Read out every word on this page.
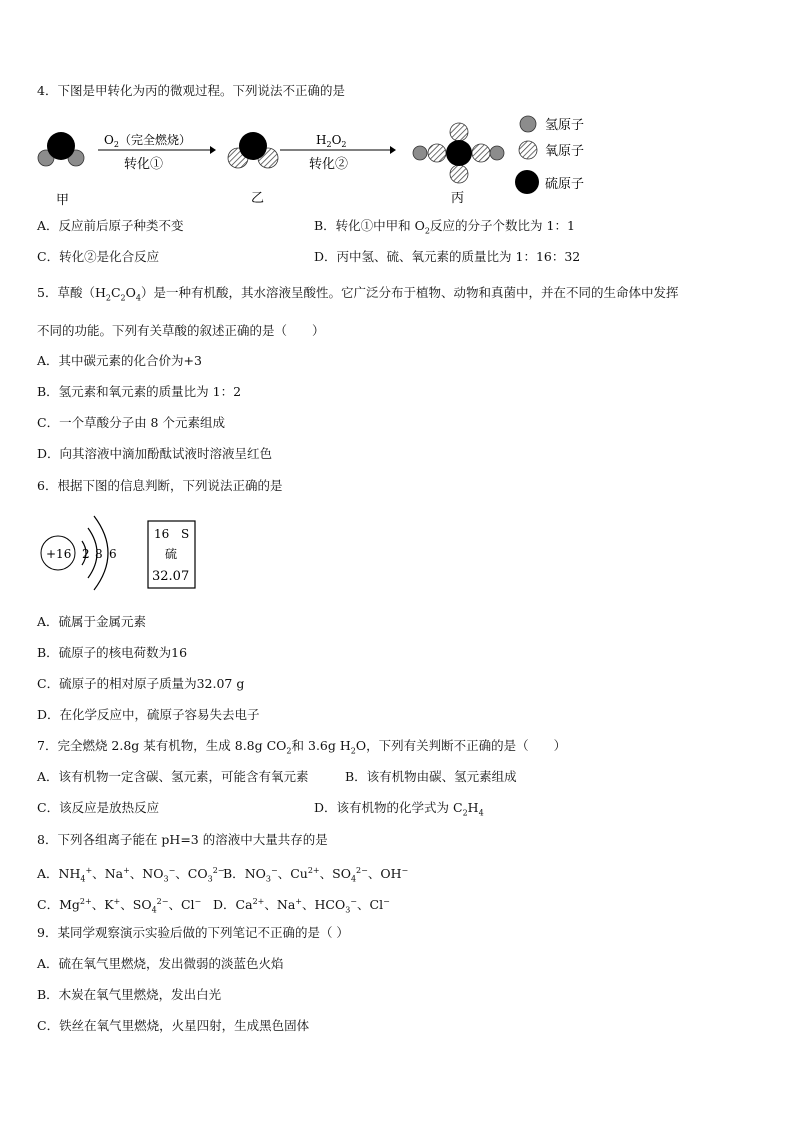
4．下图是甲转化为丙的微观过程。下列说法不正确的是
$O_2$（完全燃烧）
转化①
$H_2O_2$
转化②
甲	乙	丙
氢原子
氧原子
硫原子
A．反应前后原子种类不变	B．转化①中甲和 $O_2$反应的分子个数比为 1：1
C．转化②是化合反应	D．丙中氢、硫、氧元素的质量比为 1：16：32
5．草酸$(H_2C_2O_4)$是一种有机酸，其水溶液呈酸性。它广泛分布于植物、动物和真菌中，并在不同的生命体中发挥
不同的功能。下列有关草酸的叙述正确的是（　　）
A．其中碳元素的化合价为+3
B．氢元素和氧元素的质量比为 1：2
C．一个草酸分子由 8 个元素组成
D．向其溶液中滴加酚酞试液时溶液呈红色
6．根据下图的信息判断，下列说法正确的是
+16 2 8 6
16 S
硫
32.07
A．硫属于金属元素
B．硫原子的核电荷数为16
C．硫原子的相对原子质量为32.07 g
D．在化学反应中，硫原子容易失去电子
7．完全燃烧 2.8g 某有机物，生成 8.8g $CO_2$和 3.6g $H_2O$，下列有关判断不正确的是（　　）
A．该有机物一定含碳、氢元素，可能含有氧元素	B．该有机物由碳、氢元素组成
C．该反应是放热反应	D．该有机物的化学式为 $C_2H_4$
8．下列各组离子能在 pH=3 的溶液中大量共存的是
A．$NH_4^+$、Na+、$NO_3^-$、$CO_3^{2-}$
B．$NO_3^-$、$Cu^{2+}$、$SO_4^{2-}$、OH−
C．$Mg^{2+}$、K+、$SO_4^{2-}$、Cl− D．$Ca^{2+}$、Na+、$HCO_3^-$、Cl−
9．某同学观察演示实验后做的下列笔记不正确的是（ ）
A．硫在氧气里燃烧，发出微弱的淡蓝色火焰
B．木炭在氧气里燃烧，发出白光
C．铁丝在氧气里燃烧，火星四射，生成黑色固体
